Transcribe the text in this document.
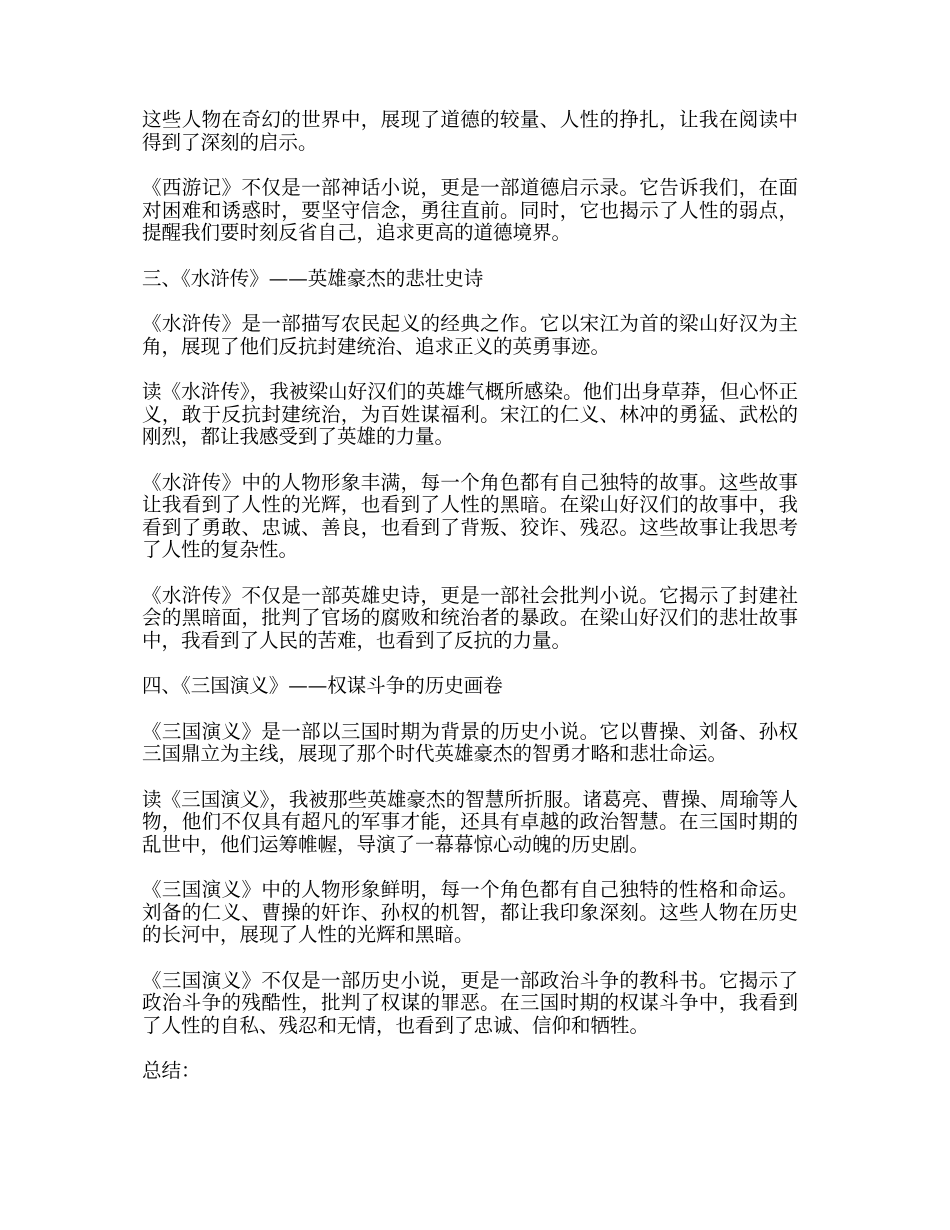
这些人物在奇幻的世界中，展现了道德的较量、人性的挣扎，让我在阅读中得到了深刻的启示。

《西游记》不仅是一部神话小说，更是一部道德启示录。它告诉我们，在面对困难和诱惑时，要坚守信念，勇往直前。同时，它也揭示了人性的弱点，提醒我们要时刻反省自己，追求更高的道德境界。

三、《水浒传》——英雄豪杰的悲壮史诗

《水浒传》是一部描写农民起义的经典之作。它以宋江为首的梁山好汉为主角，展现了他们反抗封建统治、追求正义的英勇事迹。

读《水浒传》，我被梁山好汉们的英雄气概所感染。他们出身草莽，但心怀正义，敢于反抗封建统治，为百姓谋福利。宋江的仁义、林冲的勇猛、武松的刚烈，都让我感受到了英雄的力量。

《水浒传》中的人物形象丰满，每一个角色都有自己独特的故事。这些故事让我看到了人性的光辉，也看到了人性的黑暗。在梁山好汉们的故事中，我看到了勇敢、忠诚、善良，也看到了背叛、狡诈、残忍。这些故事让我思考了人性的复杂性。

《水浒传》不仅是一部英雄史诗，更是一部社会批判小说。它揭示了封建社会的黑暗面，批判了官场的腐败和统治者的暴政。在梁山好汉们的悲壮故事中，我看到了人民的苦难，也看到了反抗的力量。

四、《三国演义》——权谋斗争的历史画卷

《三国演义》是一部以三国时期为背景的历史小说。它以曹操、刘备、孙权三国鼎立为主线，展现了那个时代英雄豪杰的智勇才略和悲壮命运。

读《三国演义》，我被那些英雄豪杰的智慧所折服。诸葛亮、曹操、周瑜等人物，他们不仅具有超凡的军事才能，还具有卓越的政治智慧。在三国时期的乱世中，他们运筹帷幄，导演了一幕幕惊心动魄的历史剧。

《三国演义》中的人物形象鲜明，每一个角色都有自己独特的性格和命运。刘备的仁义、曹操的奸诈、孙权的机智，都让我印象深刻。这些人物在历史的长河中，展现了人性的光辉和黑暗。

《三国演义》不仅是一部历史小说，更是一部政治斗争的教科书。它揭示了政治斗争的残酷性，批判了权谋的罪恶。在三国时期的权谋斗争中，我看到了人性的自私、残忍和无情，也看到了忠诚、信仰和牺牲。

总结：
